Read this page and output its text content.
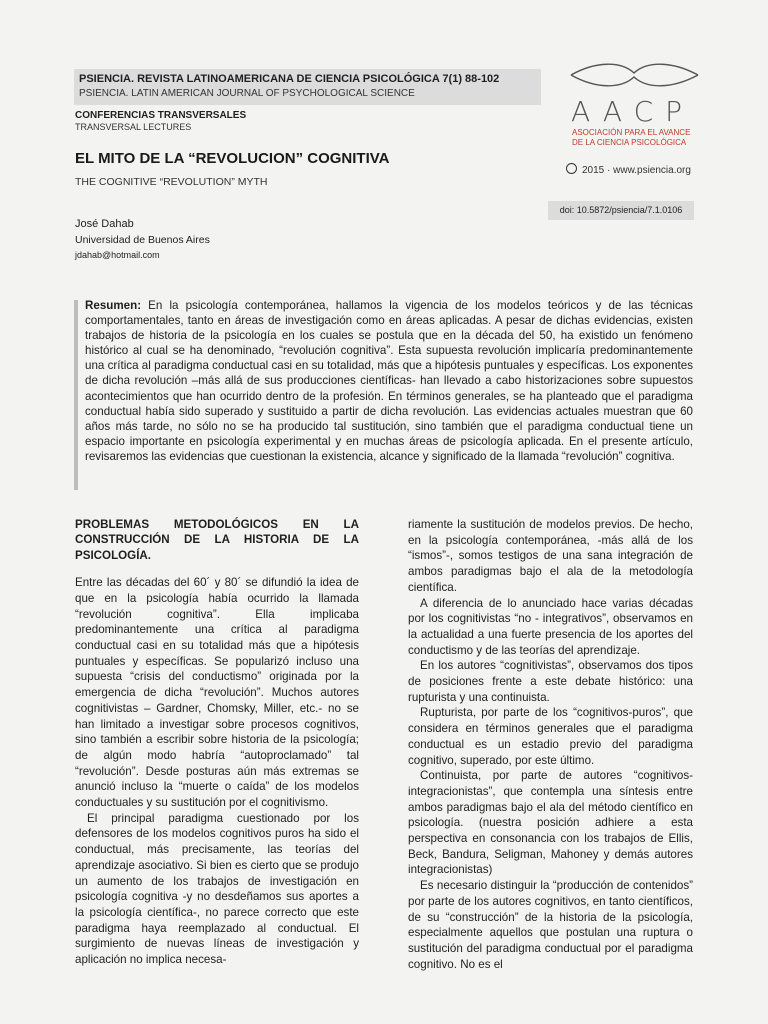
PSIENCIA. REVISTA LATINOAMERICANA DE CIENCIA PSICOLÓGICA 7(1) 88-102
PSIENCIA. LATIN AMERICAN JOURNAL OF PSYCHOLOGICAL SCIENCE
CONFERENCIAS TRANSVERSALES
TRANSVERSAL LECTURES	AACP
ASOCIACIÓN PARA EL AVANCE
DE LA CIENCIA PSICOLÓGICA
2015 · www.psiencia.org
EL MITO DE LA “REVOLUCION” COGNITIVA
THE COGNITIVE “REVOLUTION” MYTH
doi: 10.5872/psiencia/7.1.0106
José Dahab
Universidad de Buenos Aires
jdahab@hotmail.com
Resumen: En la psicología contemporánea, hallamos la vigencia de los modelos teóricos y de las técnicas comportamentales, tanto en áreas de investigación como en áreas aplicadas. A pesar de dichas evidencias, existen trabajos de historia de la psicología en los cuales se postula que en la década del 50, ha existido un fenómeno histórico al cual se ha denominado, “revolución cognitiva”. Esta supuesta revolución implicaría predominantemente una crítica al paradigma conductual casi en su totalidad, más que a hipótesis puntuales y específicas. Los exponentes de dicha revolución –más allá de sus producciones científicas- han llevado a cabo historizaciones sobre supuestos acontecimientos que han ocurrido dentro de la profesión. En términos generales, se ha planteado que el paradigma conductual había sido superado y sustituido a partir de dicha revolución. Las evidencias actuales muestran que 60 años más tarde, no sólo no se ha producido tal sustitución, sino también que el paradigma conductual tiene un espacio importante en psicología experimental y en muchas áreas de psicología aplicada. En el presente artículo, revisaremos las evidencias que cuestionan la existencia, alcance y significado de la llamada “revolución” cognitiva.
PROBLEMAS METODOLÓGICOS EN LA CONSTRUCCIÓN DE LA HISTORIA DE LA PSICOLOGÍA.

Entre las décadas del 60´ y 80´ se difundió la idea de que en la psicología había ocurrido la llamada “revolución cognitiva”. Ella implicaba predominantemente una crítica al paradigma conductual casi en su totalidad más que a hipótesis puntuales y específicas. Se popularizó incluso una supuesta “crisis del conductismo” originada por la emergencia de dicha “revolución”. Muchos autores cognitivistas – Gardner, Chomsky, Miller, etc.- no se han limitado a investigar sobre procesos cognitivos, sino también a escribir sobre historia de la psicología; de algún modo habría “autoproclamado” tal “revolución”. Desde posturas aún más extremas se anunció incluso la “muerte o caída” de los modelos conductuales y su sustitución por el cognitivismo.

El principal paradigma cuestionado por los defensores de los modelos cognitivos puros ha sido el conductual, más precisamente, las teorías del aprendizaje asociativo. Si bien es cierto que se produjo un aumento de los trabajos de investigación en psicología cognitiva -y no desdeñamos sus aportes a la psicología científica-, no parece correcto que este paradigma haya reemplazado al conductual. El surgimiento de nuevas líneas de investigación y aplicación no implica necesa-

riamente la sustitución de modelos previos. De hecho, en la psicología contemporánea, -más allá de los “ismos”-, somos testigos de una sana integración de ambos paradigmas bajo el ala de la metodología científica.

A diferencia de lo anunciado hace varias décadas por los cognitivistas “no - integrativos”, observamos en la actualidad a una fuerte presencia de los aportes del conductismo y de las teorías del aprendizaje.

En los autores “cognitivistas”, observamos dos tipos de posiciones frente a este debate histórico: una rupturista y una continuista.

Rupturista, por parte de los “cognitivos-puros”, que considera en términos generales que el paradigma conductual es un estadio previo del paradigma cognitivo, superado, por este último.

Continuista, por parte de autores “cognitivos-integracionistas”, que contempla una síntesis entre ambos paradigmas bajo el ala del método científico en psicología. (nuestra posición adhiere a esta perspectiva en consonancia con los trabajos de Ellis, Beck, Bandura, Seligman, Mahoney y demás autores integracionistas)

Es necesario distinguir la “producción de contenidos” por parte de los autores cognitivos, en tanto científicos, de su “construcción” de la historia de la psicología, especialmente aquellos que postulan una ruptura o sustitución del paradigma conductual por el paradigma cognitivo. No es el
